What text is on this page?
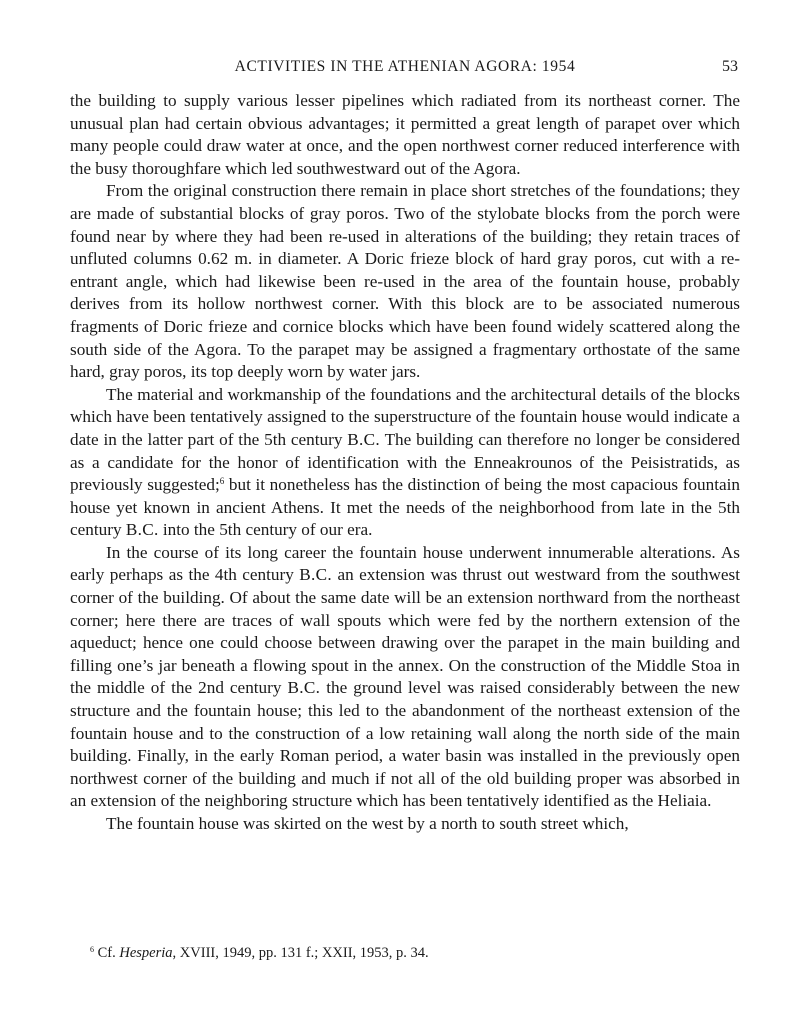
ACTIVITIES IN THE ATHENIAN AGORA: 1954	53

the building to supply various lesser pipelines which radiated from its northeast corner. The unusual plan had certain obvious advantages; it permitted a great length of parapet over which many people could draw water at once, and the open northwest corner reduced interference with the busy thoroughfare which led southwestward out of the Agora.

From the original construction there remain in place short stretches of the foundations; they are made of substantial blocks of gray poros. Two of the stylobate blocks from the porch were found near by where they had been re-used in alterations of the building; they retain traces of unfluted columns 0.62 m. in diameter. A Doric frieze block of hard gray poros, cut with a re-entrant angle, which had likewise been re-used in the area of the fountain house, probably derives from its hollow northwest corner. With this block are to be associated numerous fragments of Doric frieze and cornice blocks which have been found widely scattered along the south side of the Agora. To the parapet may be assigned a fragmentary orthostate of the same hard, gray poros, its top deeply worn by water jars.

The material and workmanship of the foundations and the architectural details of the blocks which have been tentatively assigned to the superstructure of the fountain house would indicate a date in the latter part of the 5th century B.C. The building can therefore no longer be considered as a candidate for the honor of identification with the Enneakrounos of the Peisistratids, as previously suggested;$^6$ but it nonetheless has the distinction of being the most capacious fountain house yet known in ancient Athens. It met the needs of the neighborhood from late in the 5th century B.C. into the 5th century of our era.

In the course of its long career the fountain house underwent innumerable alterations. As early perhaps as the 4th century B.C. an extension was thrust out westward from the southwest corner of the building. Of about the same date will be an extension northward from the northeast corner; here there are traces of wall spouts which were fed by the northern extension of the aqueduct; hence one could choose between drawing over the parapet in the main building and filling one’s jar beneath a flowing spout in the annex. On the construction of the Middle Stoa in the middle of the 2nd century B.C. the ground level was raised considerably between the new structure and the fountain house; this led to the abandonment of the northeast extension of the fountain house and to the construction of a low retaining wall along the north side of the main building. Finally, in the early Roman period, a water basin was installed in the previously open northwest corner of the building and much if not all of the old building proper was absorbed in an extension of the neighboring structure which has been tentatively identified as the Heliaia.

The fountain house was skirted on the west by a north to south street which,

$^6$ Cf. Hesperia, XVIII, 1949, pp. 131 f.; XXII, 1953, p. 34.
